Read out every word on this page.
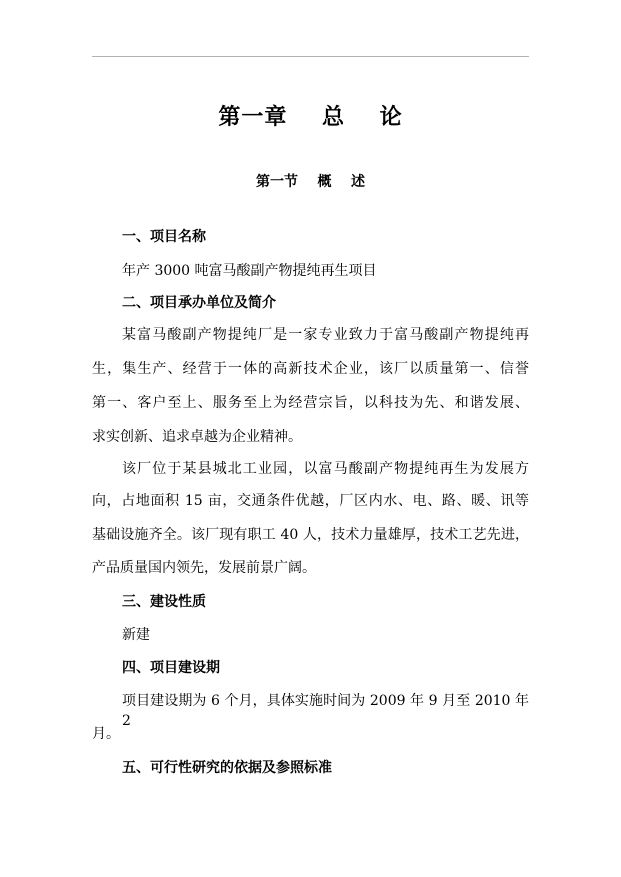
第一章    总    论
第一节    概    述
一、项目名称
年产 3000 吨富马酸副产物提纯再生项目
二、项目承办单位及简介
某富马酸副产物提纯厂是一家专业致力于富马酸副产物提纯再
生，集生产、经营于一体的高新技术企业，该厂以质量第一、信誉
第一、客户至上、服务至上为经营宗旨，以科技为先、和谐发展、
求实创新、追求卓越为企业精神。
该厂位于某县城北工业园，以富马酸副产物提纯再生为发展方
向，占地面积 15 亩，交通条件优越，厂区内水、电、路、暖、讯等
基础设施齐全。该厂现有职工 40 人，技术力量雄厚，技术工艺先进，
产品质量国内领先，发展前景广阔。
三、建设性质
新建
四、项目建设期
项目建设期为 6 个月，具体实施时间为 2009 年 9 月至 2010 年 2
月。
五、可行性研究的依据及参照标准
